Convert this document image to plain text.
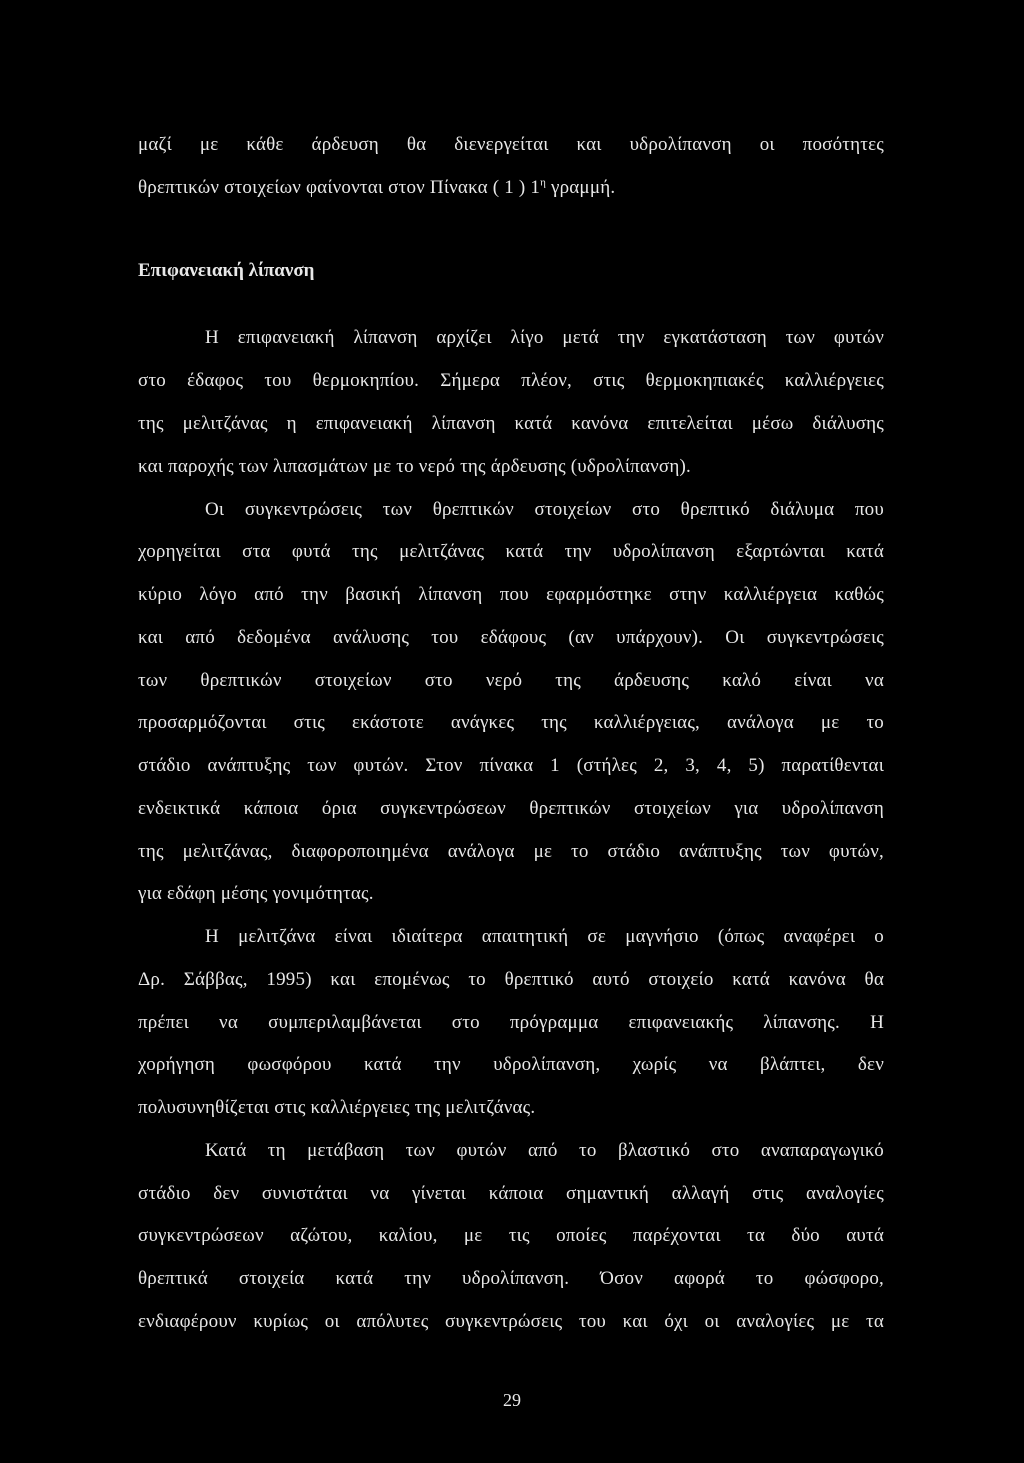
μαζί με κάθε άρδευση θα διενεργείται και υδρολίπανση οι ποσότητες
θρεπτικών στοιχείων φαίνονται στον Πίνακα ( 1 ) $1^\eta$ γραμμή.
Επιφανειακή λίπανση
Η επιφανειακή λίπανση αρχίζει λίγο μετά την εγκατάσταση των φυτών
στο έδαφος του θερμοκηπίου. Σήμερα πλέον, στις θερμοκηπιακές καλλιέργειες
της μελιτζάνας η επιφανειακή λίπανση κατά κανόνα επιτελείται μέσω διάλυσης
και παροχής των λιπασμάτων με το νερό της άρδευσης (υδρολίπανση).
Οι συγκεντρώσεις των θρεπτικών στοιχείων στο θρεπτικό διάλυμα που
χορηγείται στα φυτά της μελιτζάνας κατά την υδρολίπανση εξαρτώνται κατά
κύριο λόγο από την βασική λίπανση που εφαρμόστηκε στην καλλιέργεια καθώς
και από δεδομένα ανάλυσης του εδάφους (αν υπάρχουν). Οι συγκεντρώσεις
των θρεπτικών στοιχείων στο νερό της άρδευσης καλό είναι να
προσαρμόζονται στις εκάστοτε ανάγκες της καλλιέργειας, ανάλογα με το
στάδιο ανάπτυξης των φυτών. Στον πίνακα 1 (στήλες 2, 3, 4, 5) παρατίθενται
ενδεικτικά κάποια όρια συγκεντρώσεων θρεπτικών στοιχείων για υδρολίπανση
της μελιτζάνας, διαφοροποιημένα ανάλογα με το στάδιο ανάπτυξης των φυτών,
για εδάφη μέσης γονιμότητας.
Η μελιτζάνα είναι ιδιαίτερα απαιτητική σε μαγνήσιο (όπως αναφέρει ο
Δρ. Σάββας, 1995) και επομένως το θρεπτικό αυτό στοιχείο κατά κανόνα θα
πρέπει να συμπεριλαμβάνεται στο πρόγραμμα επιφανειακής λίπανσης. Η
χορήγηση φωσφόρου κατά την υδρολίπανση, χωρίς να βλάπτει, δεν
πολυσυνηθίζεται στις καλλιέργειες της μελιτζάνας.
Κατά τη μετάβαση των φυτών από το βλαστικό στο αναπαραγωγικό
στάδιο δεν συνιστάται να γίνεται κάποια σημαντική αλλαγή στις αναλογίες
συγκεντρώσεων αζώτου, καλίου, με τις οποίες παρέχονται τα δύο αυτά
θρεπτικά στοιχεία κατά την υδρολίπανση. Όσον αφορά το φώσφορο,
ενδιαφέρουν κυρίως οι απόλυτες συγκεντρώσεις του και όχι οι αναλογίες με τα
29
